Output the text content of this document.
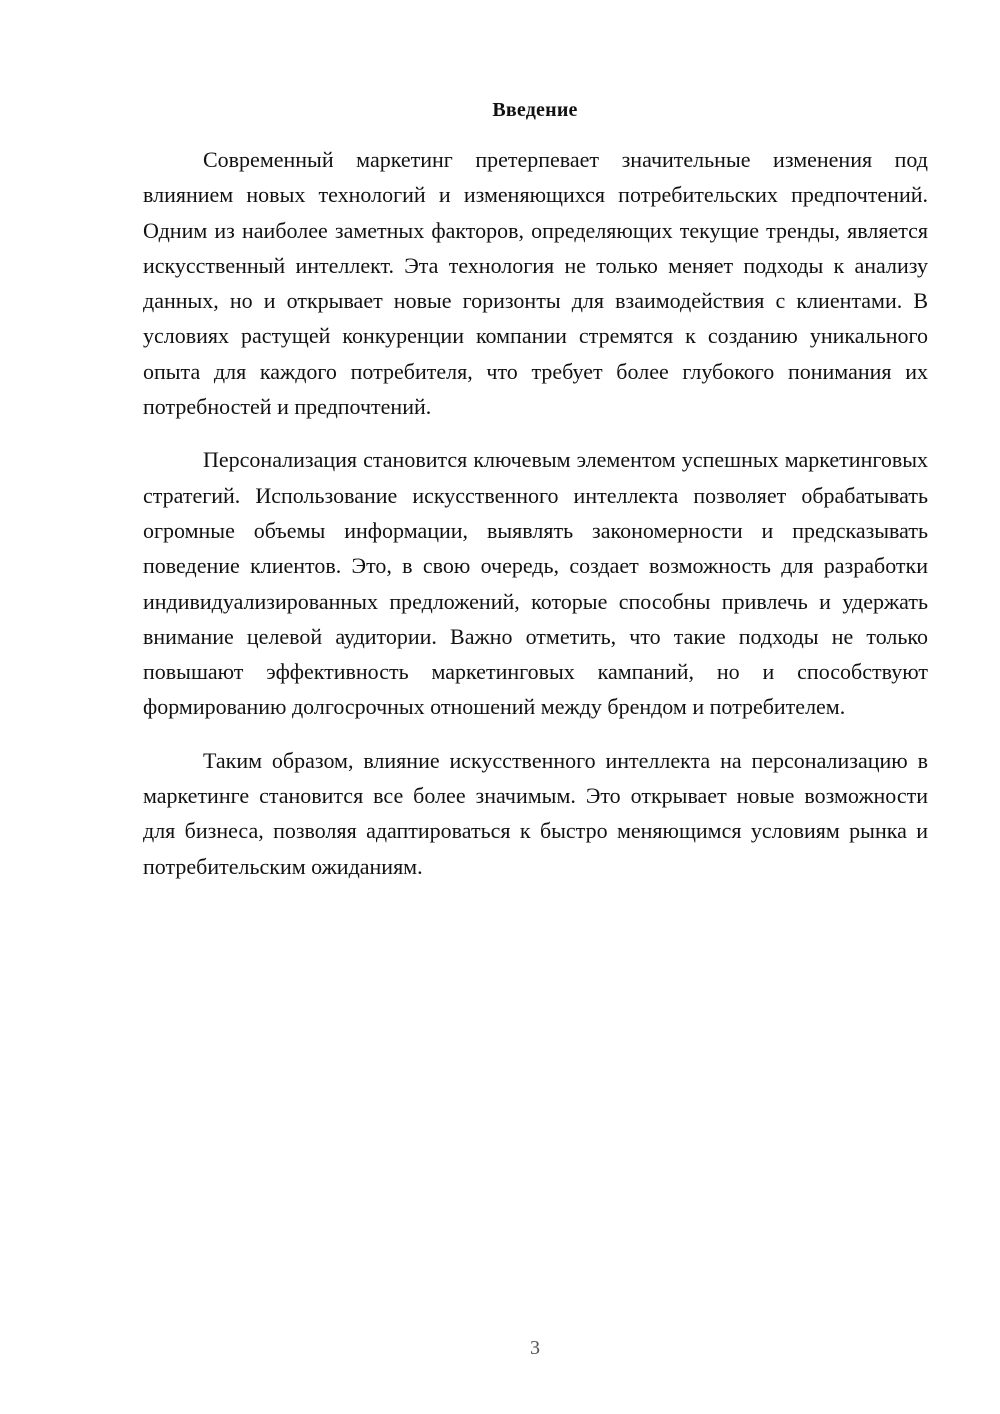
Введение

Современный маркетинг претерпевает значительные изменения под влиянием новых технологий и изменяющихся потребительских предпочтений. Одним из наиболее заметных факторов, определяющих текущие тренды, является искусственный интеллект. Эта технология не только меняет подходы к анализу данных, но и открывает новые горизонты для взаимодействия с клиентами. В условиях растущей конкуренции компании стремятся к созданию уникального опыта для каждого потребителя, что требует более глубокого понимания их потребностей и предпочтений.

Персонализация становится ключевым элементом успешных маркетинговых стратегий. Использование искусственного интеллекта позволяет обрабатывать огромные объемы информации, выявлять закономерности и предсказывать поведение клиентов. Это, в свою очередь, создает возможность для разработки индивидуализированных предложений, которые способны привлечь и удержать внимание целевой аудитории. Важно отметить, что такие подходы не только повышают эффективность маркетинговых кампаний, но и способствуют формированию долгосрочных отношений между брендом и потребителем.

Таким образом, влияние искусственного интеллекта на персонализацию в маркетинге становится все более значимым. Это открывает новые возможности для бизнеса, позволяя адаптироваться к быстро меняющимся условиям рынка и потребительским ожиданиям.

3
